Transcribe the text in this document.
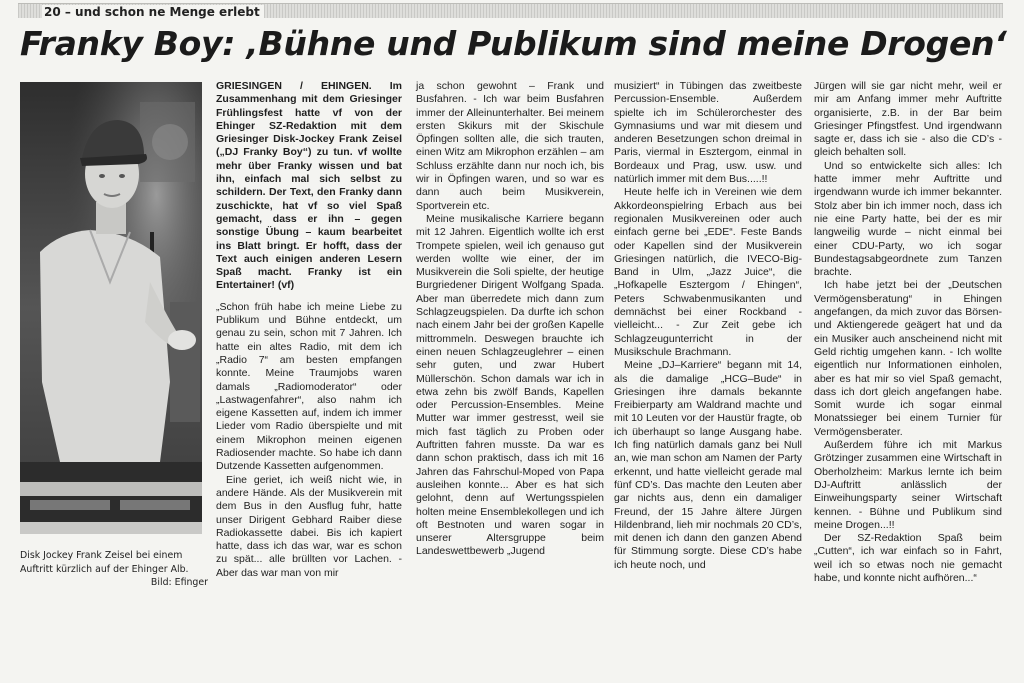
20 – und schon ne Menge erlebt
Franky Boy: ‚Bühne und Publikum sind meine Drogen‘
Disk Jockey Frank Zeisel bei einem Auftritt kürzlich auf der Ehinger Alb.
Bild: Efinger

GRIESINGEN / EHINGEN. Im Zusammenhang mit dem Griesinger Frühlingsfest hatte vf von der Ehinger SZ-Redaktion mit dem Griesinger Disk-Jockey Frank Zeisel („DJ Franky Boy“) zu tun. vf wollte mehr über Franky wissen und bat ihn, einfach mal sich selbst zu schildern. Der Text, den Franky dann zuschickte, hat vf so viel Spaß gemacht, dass er ihn – gegen sonstige Übung – kaum bearbeitet ins Blatt bringt. Er hofft, dass der Text auch einigen anderen Lesern Spaß macht. Franky ist ein Entertainer! (vf)

„Schon früh habe ich meine Liebe zu Publikum und Bühne entdeckt, um genau zu sein, schon mit 7 Jahren. Ich hatte ein altes Radio, mit dem ich „Radio 7“ am besten empfangen konnte. Meine Traumjobs waren damals „Radiomoderator“ oder „Lastwagenfahrer“, also nahm ich eigene Kassetten auf, indem ich immer Lieder vom Radio überspielte und mit einem Mikrophon meinen eigenen Radiosender machte. So habe ich dann Dutzende Kassetten aufgenommen.

Eine geriet, ich weiß nicht wie, in andere Hände. Als der Musikverein mit dem Bus in den Ausflug fuhr, hatte unser Dirigent Gebhard Raiber diese Radiokassette dabei. Bis ich kapiert hatte, dass ich das war, war es schon zu spät... alle brüllten vor Lachen. - Aber das war man von mir

ja schon gewohnt – Frank und Busfahren. - Ich war beim Busfahren immer der Alleinunterhalter. Bei meinem ersten Skikurs mit der Skischule Öpfingen sollten alle, die sich trauten, einen Witz am Mikrophon erzählen – am Schluss erzählte dann nur noch ich, bis wir in Öpfingen waren, und so war es dann auch beim Musikverein, Sportverein etc.

Meine musikalische Karriere begann mit 12 Jahren. Eigentlich wollte ich erst Trompete spielen, weil ich genauso gut werden wollte wie einer, der im Musikverein die Soli spielte, der heutige Burgriedener Dirigent Wolfgang Spada. Aber man überredete mich dann zum Schlagzeugspielen. Da durfte ich schon nach einem Jahr bei der großen Kapelle mittrommeln. Deswegen brauchte ich einen neuen Schlagzeuglehrer – einen sehr guten, und zwar Hubert Müllerschön. Schon damals war ich in etwa zehn bis zwölf Bands, Kapellen oder Percussion-Ensembles. Meine Mutter war immer gestresst, weil sie mich fast täglich zu Proben oder Auftritten fahren musste. Da war es dann schon praktisch, dass ich mit 16 Jahren das Fahrschul-Moped von Papa ausleihen konnte... Aber es hat sich gelohnt, denn auf Wertungsspielen holten meine Ensemblekollegen und ich oft Bestnoten und waren sogar in unserer Altersgruppe beim Landeswettbewerb „Jugend

musiziert“ in Tübingen das zweitbeste Percussion-Ensemble. Außerdem spielte ich im Schülerorchester des Gymnasiums und war mit diesem und anderen Besetzungen schon dreimal in Paris, viermal in Esztergom, einmal in Bordeaux und Prag, usw. usw. und natürlich immer mit dem Bus.....!!

Heute helfe ich in Vereinen wie dem Akkordeonspielring Erbach aus bei regionalen Musikvereinen oder auch einfach gerne bei „EDE“. Feste Bands oder Kapellen sind der Musikverein Griesingen natürlich, die IVECO-Big-Band in Ulm, „Jazz Juice“, die „Hofkapelle Esztergom / Ehingen“, Peters Schwabenmusikanten und demnächst bei einer Rockband - vielleicht... - Zur Zeit gebe ich Schlagzeugunterricht in der Musikschule Brachmann.

Meine „DJ–Karriere“ begann mit 14, als die damalige „HCG–Bude“ in Griesingen ihre damals bekannte Freibierparty am Waldrand machte und mit 10 Leuten vor der Haustür fragte, ob ich überhaupt so lange Ausgang habe. Ich fing natürlich damals ganz bei Null an, wie man schon am Namen der Party erkennt, und hatte vielleicht gerade mal fünf CD’s. Das machte den Leuten aber gar nichts aus, denn ein damaliger Freund, der 15 Jahre ältere Jürgen Hildenbrand, lieh mir nochmals 20 CD’s, mit denen ich dann den ganzen Abend für Stimmung sorgte. Diese CD’s habe ich heute noch, und

Jürgen will sie gar nicht mehr, weil er mir am Anfang immer mehr Auftritte organisierte, z.B. in der Bar beim Griesinger Pfingstfest. Und irgendwann sagte er, dass ich sie - also die CD’s - gleich behalten soll.

Und so entwickelte sich alles: Ich hatte immer mehr Auftritte und irgendwann wurde ich immer bekannter. Stolz aber bin ich immer noch, dass ich nie eine Party hatte, bei der es mir langweilig wurde – nicht einmal bei einer CDU-Party, wo ich sogar Bundestagsabgeordnete zum Tanzen brachte.

Ich habe jetzt bei der „Deutschen Vermögensberatung“ in Ehingen angefangen, da mich zuvor das Börsen- und Aktiengerede geägert hat und da ein Musiker auch anscheinend nicht mit Geld richtig umgehen kann. - Ich wollte eigentlich nur Informationen einholen, aber es hat mir so viel Spaß gemacht, dass ich dort gleich angefangen habe. Somit wurde ich sogar einmal Monatssieger bei einem Turnier für Vermögensberater.

Außerdem führe ich mit Markus Grötzinger zusammen eine Wirtschaft in Oberholzheim: Markus lernte ich beim DJ-Auftritt anlässlich der Einweihungsparty seiner Wirtschaft kennen. - Bühne und Publikum sind meine Drogen...!!

Der SZ-Redaktion Spaß beim „Cutten“, ich war einfach so in Fahrt, weil ich so etwas noch nie gemacht habe, und konnte nicht aufhören...“
